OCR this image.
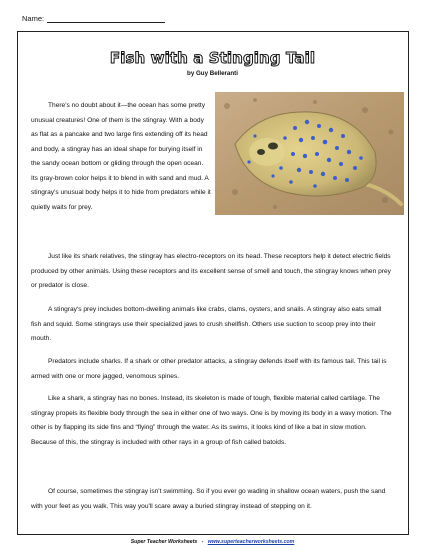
Name:
Fish with a Stinging Tail
by Guy Belleranti

There's no doubt about it—the ocean has some pretty unusual creatures! One of them is the stingray. With a body as flat as a pancake and two large fins extending off its head and body, a stingray has an ideal shape for burying itself in the sandy ocean bottom or gliding through the open ocean. Its gray-brown color helps it to blend in with sand and mud. A stingray's unusual body helps it to hide from predators while it quietly waits for prey.

Just like its shark relatives, the stingray has electro-receptors on its head. These receptors help it detect electric fields produced by other animals. Using these receptors and its excellent sense of smell and touch, the stingray knows when prey or predator is close.

A stingray's prey includes bottom-dwelling animals like crabs, clams, oysters, and snails. A stingray also eats small fish and squid. Some stingrays use their specialized jaws to crush shellfish. Others use suction to scoop prey into their mouth.

Predators include sharks. If a shark or other predator attacks, a stingray defends itself with its famous tail. This tail is armed with one or more jagged, venomous spines.

Like a shark, a stingray has no bones. Instead, its skeleton is made of tough, flexible material called cartilage. The stingray propels its flexible body through the sea in either one of two ways. One is by moving its body in a wavy motion. The other is by flapping its side fins and “flying” through the water. As its swims, it looks kind of like a bat in slow motion. Because of this, the stingray is included with other rays in a group of fish called batoids.

Of course, sometimes the stingray isn't swimming. So if you ever go wading in shallow ocean waters, push the sand with your feet as you walk. This way you'll scare away a buried stingray instead of stepping on it.

Super Teacher Worksheets - www.superteacherworksheets.com
